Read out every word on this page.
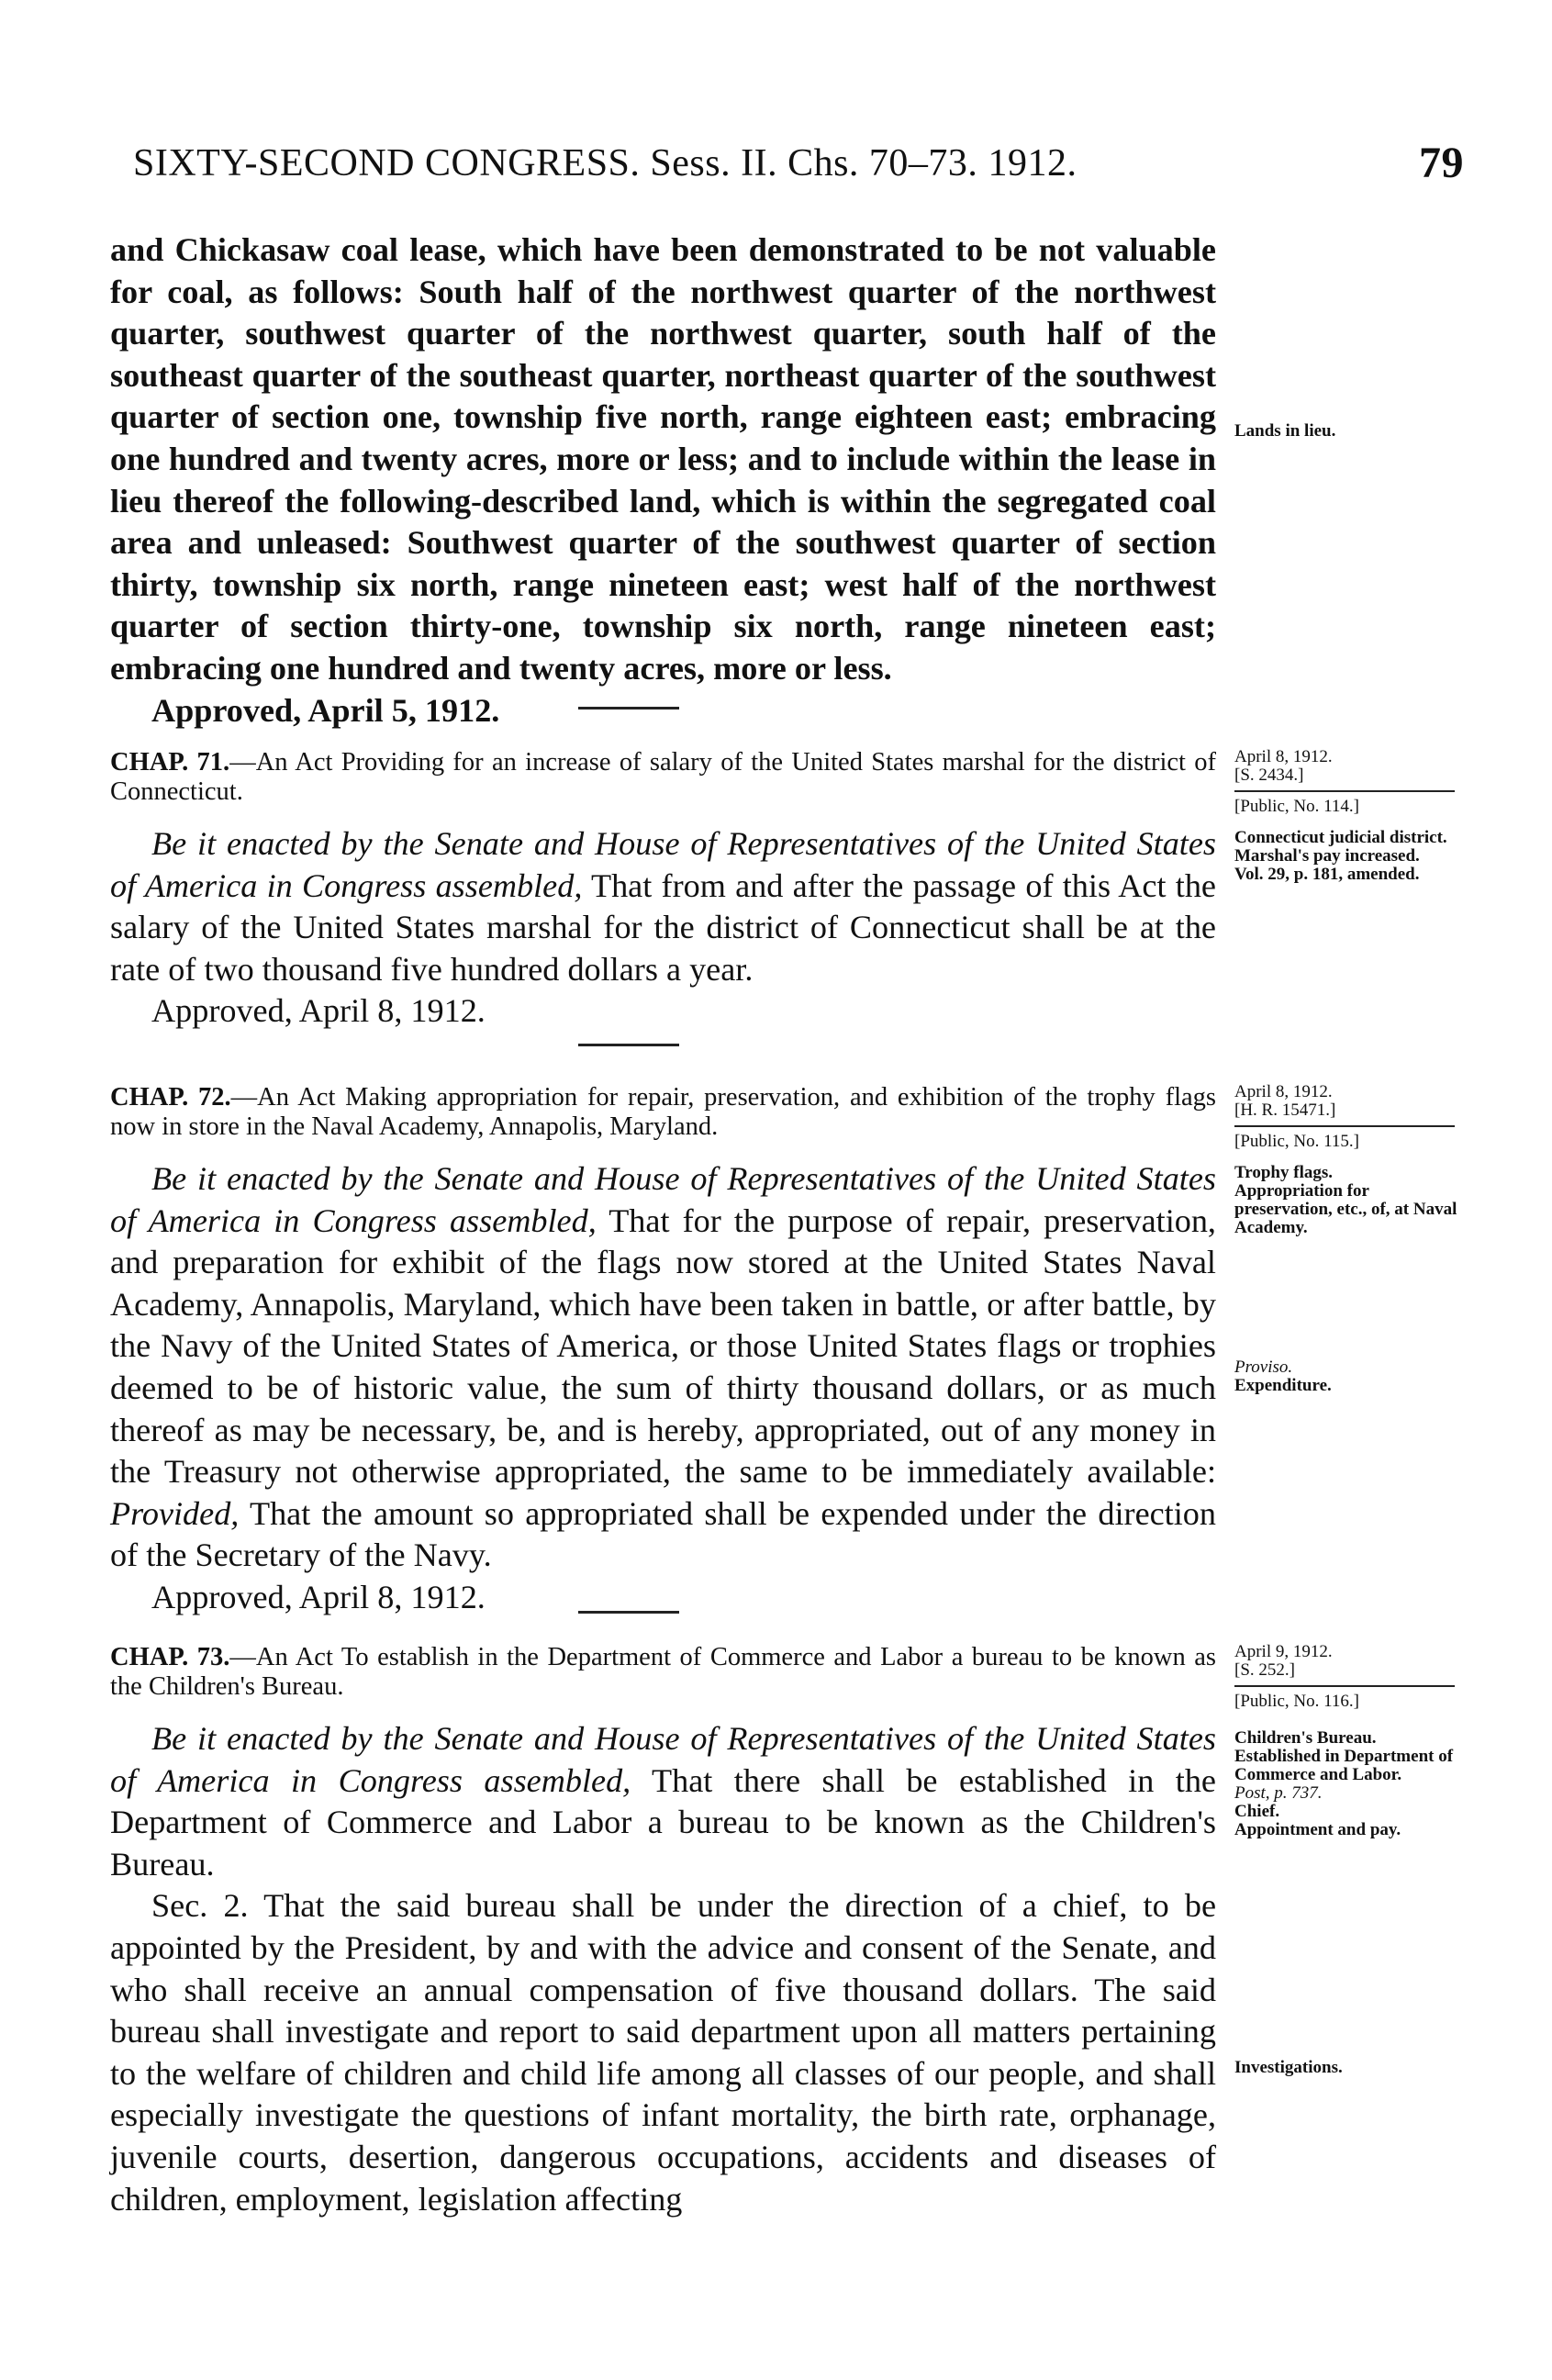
SIXTY-SECOND CONGRESS. Sess. II. Chs. 70–73. 1912.	79

and Chickasaw coal lease, which have been demonstrated to be not valuable for coal, as follows: South half of the northwest quarter of the northwest quarter, southwest quarter of the northwest quarter, south half of the southeast quarter of the southeast quarter, northeast quarter of the southwest quarter of section one, township five north, range eighteen east; embracing one hundred and twenty acres, more or less; and to include within the lease in lieu thereof the following-described land, which is within the segregated coal area and unleased: Southwest quarter of the southwest quarter of section thirty, township six north, range nineteen east; west half of the northwest quarter of section thirty-one, township six north, range nineteen east; embracing one hundred and twenty acres, more or less.

Approved, April 5, 1912.

Lands in lieu.

CHAP. 71.—An Act Providing for an increase of salary of the United States marshal for the district of Connecticut.

Be it enacted by the Senate and House of Representatives of the United States of America in Congress assembled, That from and after the passage of this Act the salary of the United States marshal for the district of Connecticut shall be at the rate of two thousand five hundred dollars a year.

Approved, April 8, 1912.

April 8, 1912.
[S. 2434.]
[Public, No. 114.]
Connecticut judicial district.
Marshal's pay increased.
Vol. 29, p. 181, amended.

CHAP. 72.—An Act Making appropriation for repair, preservation, and exhibition of the trophy flags now in store in the Naval Academy, Annapolis, Maryland.

Be it enacted by the Senate and House of Representatives of the United States of America in Congress assembled, That for the purpose of repair, preservation, and preparation for exhibit of the flags now stored at the United States Naval Academy, Annapolis, Maryland, which have been taken in battle, or after battle, by the Navy of the United States of America, or those United States flags or trophies deemed to be of historic value, the sum of thirty thousand dollars, or as much thereof as may be necessary, be, and is hereby, appropriated, out of any money in the Treasury not otherwise appropriated, the same to be immediately available: Provided, That the amount so appropriated shall be expended under the direction of the Secretary of the Navy.

Approved, April 8, 1912.

April 8, 1912.
[H. R. 15471.]
[Public, No. 115.]
Trophy flags.
Appropriation for preservation, etc., of, at Naval Academy.
Proviso.
Expenditure.

CHAP. 73.—An Act To establish in the Department of Commerce and Labor a bureau to be known as the Children's Bureau.

Be it enacted by the Senate and House of Representatives of the United States of America in Congress assembled, That there shall be established in the Department of Commerce and Labor a bureau to be known as the Children's Bureau.

Sec. 2. That the said bureau shall be under the direction of a chief, to be appointed by the President, by and with the advice and consent of the Senate, and who shall receive an annual compensation of five thousand dollars. The said bureau shall investigate and report to said department upon all matters pertaining to the welfare of children and child life among all classes of our people, and shall especially investigate the questions of infant mortality, the birth rate, orphanage, juvenile courts, desertion, dangerous occupations, accidents and diseases of children, employment, legislation affecting

April 9, 1912.
[S. 252.]
[Public, No. 116.]
Children's Bureau.
Established in Department of Commerce and Labor.
Post, p. 737.
Chief.
Appointment and pay.
Investigations.
